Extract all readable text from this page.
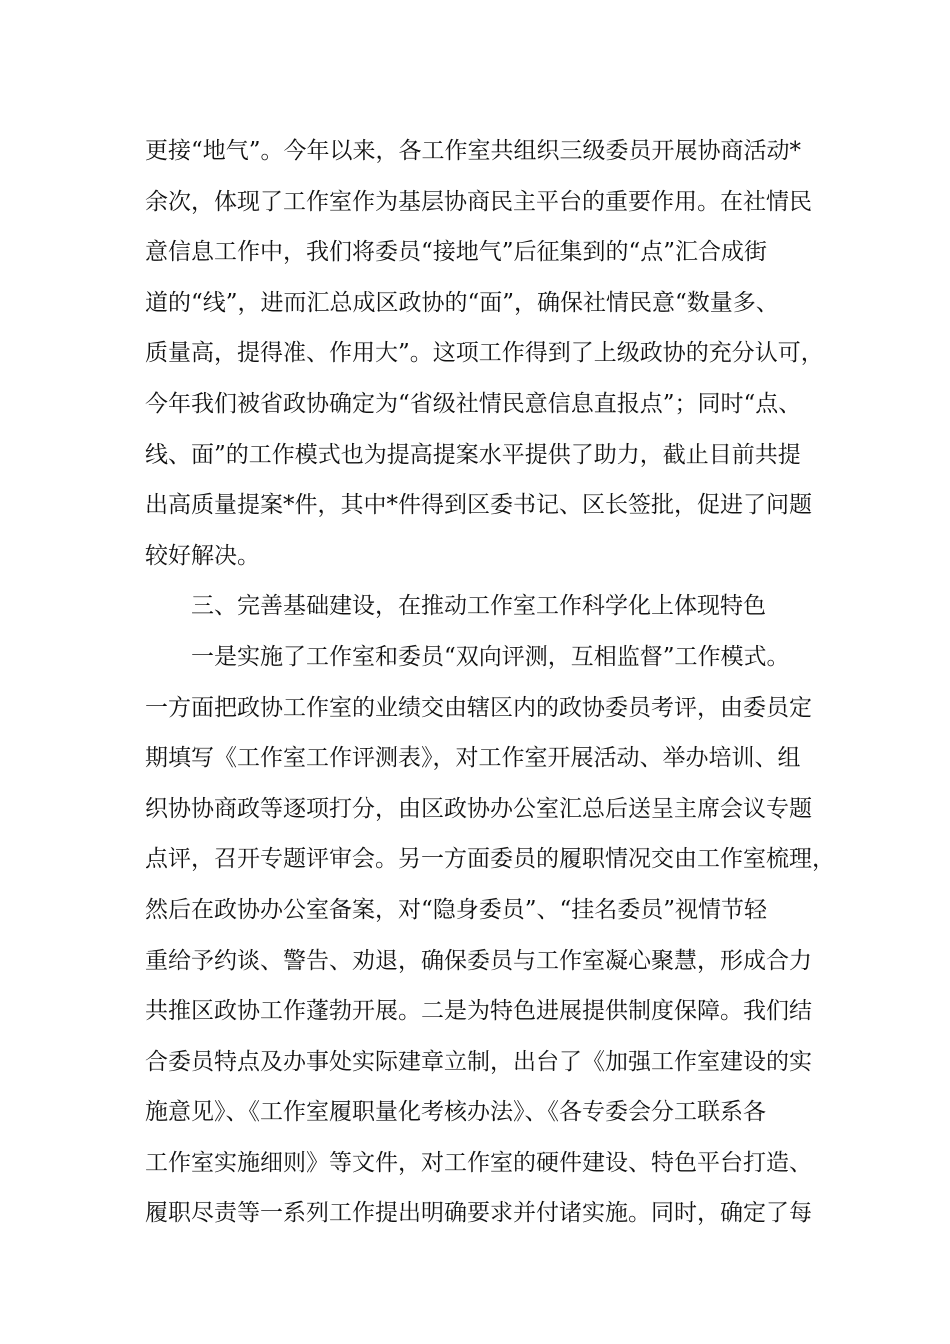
更接“地气”。今年以来，各工作室共组织三级委员开展协商活动*
余次，体现了工作室作为基层协商民主平台的重要作用。在社情民
意信息工作中，我们将委员“接地气”后征集到的“点”汇合成街
道的“线”，进而汇总成区政协的“面”，确保社情民意“数量多、
质量高，提得准、作用大”。这项工作得到了上级政协的充分认可，
今年我们被省政协确定为“省级社情民意信息直报点”；同时“点、
线、面”的工作模式也为提高提案水平提供了助力，截止目前共提
出高质量提案*件，其中*件得到区委书记、区长签批，促进了问题
较好解决。
三、完善基础建设，在推动工作室工作科学化上体现特色
一是实施了工作室和委员“双向评测，互相监督”工作模式。
一方面把政协工作室的业绩交由辖区内的政协委员考评，由委员定
期填写《工作室工作评测表》，对工作室开展活动、举办培训、组
织协协商政等逐项打分，由区政协办公室汇总后送呈主席会议专题
点评，召开专题评审会。另一方面委员的履职情况交由工作室梳理，
然后在政协办公室备案，对“隐身委员”、“挂名委员”视情节轻
重给予约谈、警告、劝退，确保委员与工作室凝心聚慧，形成合力
共推区政协工作蓬勃开展。二是为特色进展提供制度保障。我们结
合委员特点及办事处实际建章立制，出台了《加强工作室建设的实
施意见》、《工作室履职量化考核办法》、《各专委会分工联系各
工作室实施细则》等文件，对工作室的硬件建设、特色平台打造、
履职尽责等一系列工作提出明确要求并付诸实施。同时，确定了每
